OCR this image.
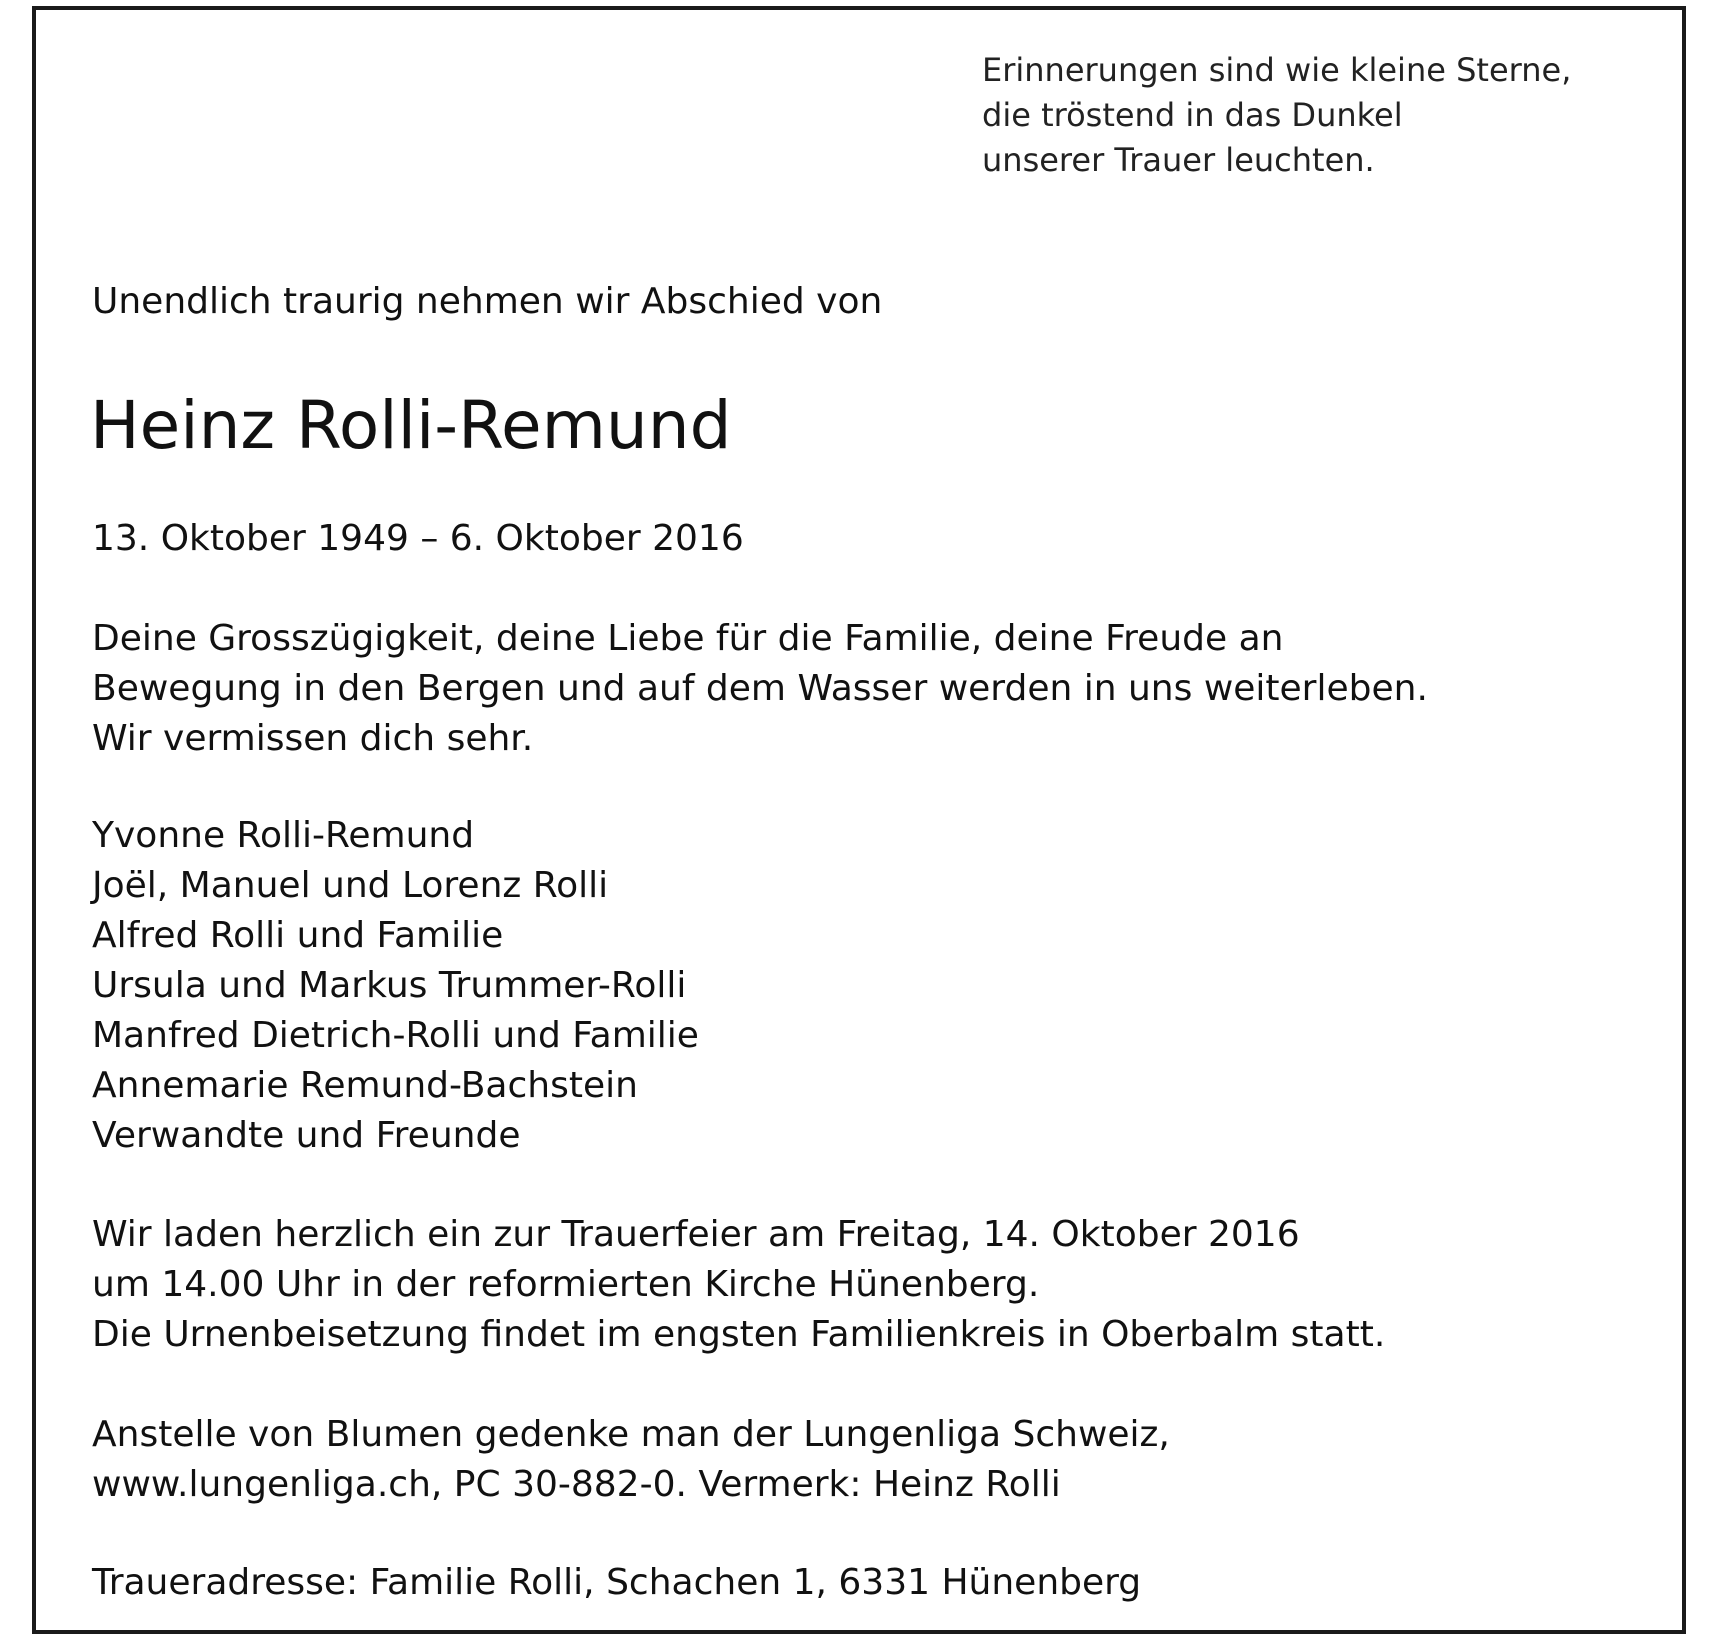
Erinnerungen sind wie kleine Sterne,
die tröstend in das Dunkel
unserer Trauer leuchten.
Unendlich traurig nehmen wir Abschied von
Heinz Rolli-Remund
13. Oktober 1949 – 6. Oktober 2016
Deine Grosszügigkeit, deine Liebe für die Familie, deine Freude an
Bewegung in den Bergen und auf dem Wasser werden in uns weiterleben.
Wir vermissen dich sehr.
Yvonne Rolli-Remund
Joël, Manuel und Lorenz Rolli
Alfred Rolli und Familie
Ursula und Markus Trummer-Rolli
Manfred Dietrich-Rolli und Familie
Annemarie Remund-Bachstein
Verwandte und Freunde
Wir laden herzlich ein zur Trauerfeier am Freitag, 14. Oktober 2016
um 14.00 Uhr in der reformierten Kirche Hünenberg.
Die Urnenbeisetzung findet im engsten Familienkreis in Oberbalm statt.
Anstelle von Blumen gedenke man der Lungenliga Schweiz,
www.lungenliga.ch, PC 30-882-0. Vermerk: Heinz Rolli
Traueradresse: Familie Rolli, Schachen 1, 6331 Hünenberg
